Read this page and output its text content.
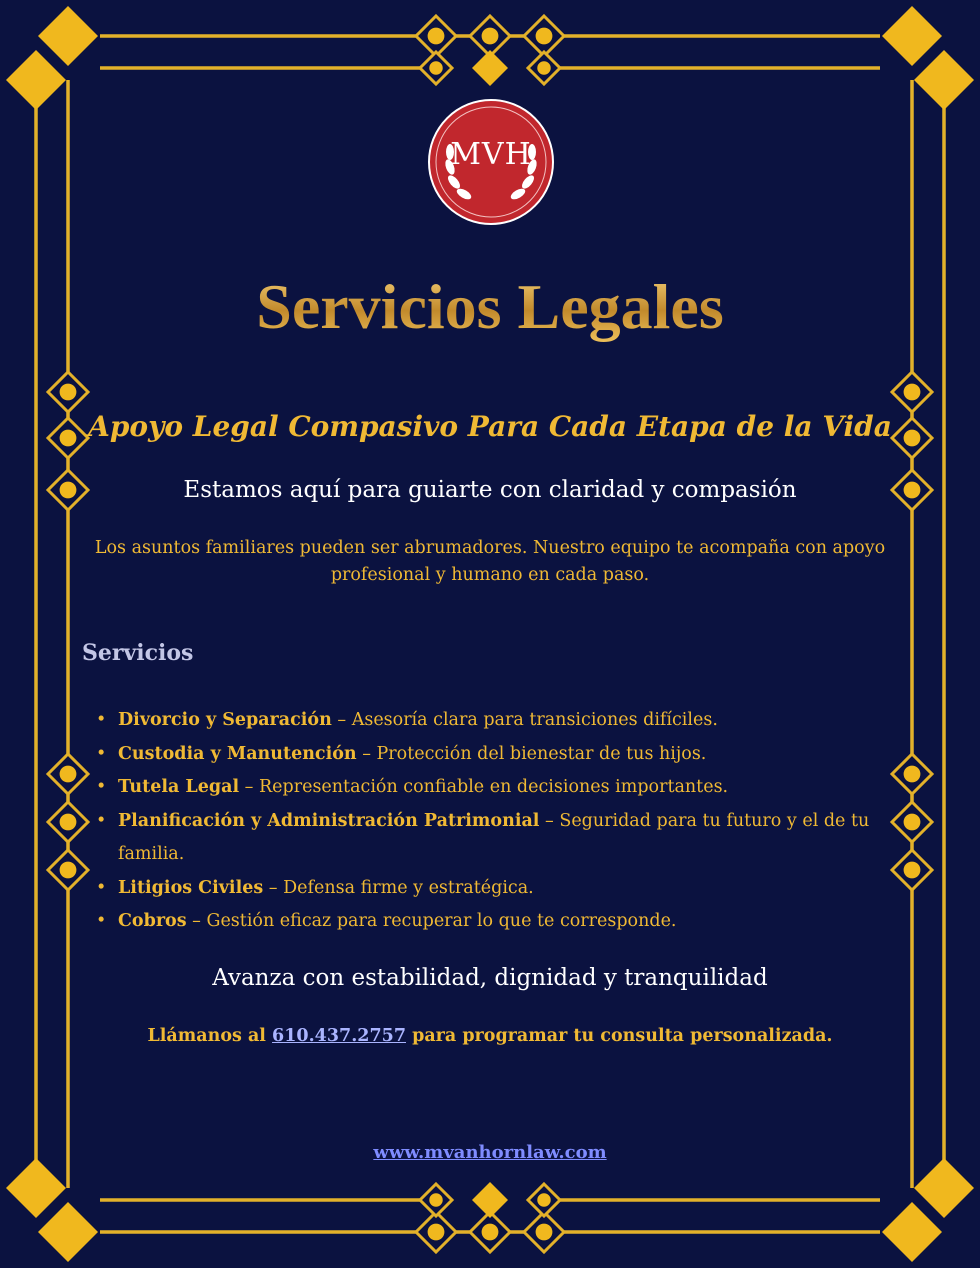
MVH
Servicios Legales
Apoyo Legal Compasivo Para Cada Etapa de la Vida
Estamos aquí para guiarte con claridad y compasión
Los asuntos familiares pueden ser abrumadores. Nuestro equipo te acompaña con apoyo profesional y humano en cada paso.
Servicios
• Divorcio y Separación – Asesoría clara para transiciones difíciles.
• Custodia y Manutención – Protección del bienestar de tus hijos.
• Tutela Legal – Representación confiable en decisiones importantes.
• Planificación y Administración Patrimonial – Seguridad para tu futuro y el de tu familia.
• Litigios Civiles – Defensa firme y estratégica.
• Cobros – Gestión eficaz para recuperar lo que te corresponde.
Avanza con estabilidad, dignidad y tranquilidad
Llámanos al 610.437.2757 para programar tu consulta personalizada.
www.mvanhornlaw.com
